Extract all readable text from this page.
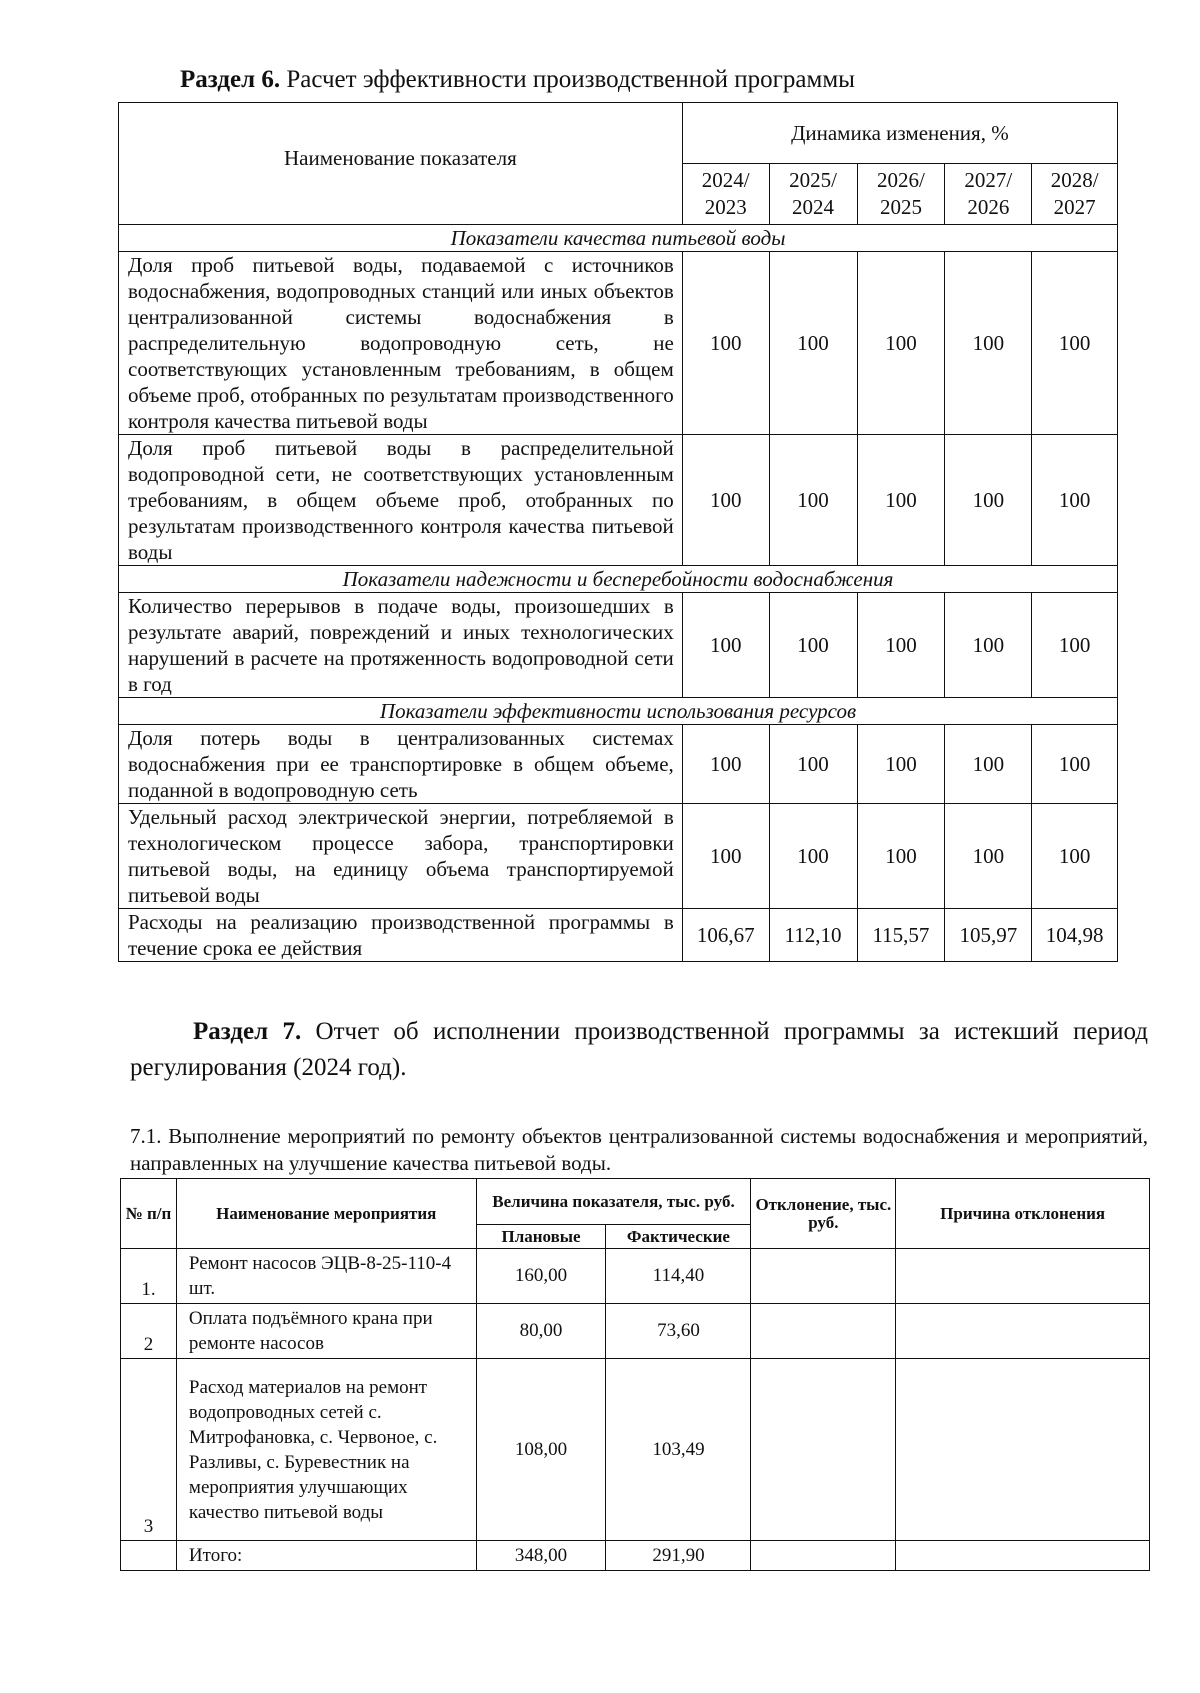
Раздел 6. Расчет эффективности производственной программы
Наименование показателя	Динамика изменения, %				
	2024/ 2023	2025/ 2024	2026/ 2025	2027/ 2026	2028/ 2027
Показатели качества питьевой воды					
Доля проб питьевой воды, подаваемой с источников водоснабжения, водопроводных станций или иных объектов централизованной системы водоснабжения в распределительную водопроводную сеть, не соответствующих установленным требованиям, в общем объеме проб, отобранных по результатам производственного контроля качества питьевой воды	100	100	100	100	100
Доля проб питьевой воды в распределительной водопроводной сети, не соответствующих установленным требованиям, в общем объеме проб, отобранных по результатам производственного контроля качества питьевой воды	100	100	100	100	100
Показатели надежности и бесперебойности водоснабжения					
Количество перерывов в подаче воды, произошедших в результате аварий, повреждений и иных технологических нарушений в расчете на протяженность водопроводной сети в год	100	100	100	100	100
Показатели эффективности использования ресурсов					
Доля потерь воды в централизованных системах водоснабжения при ее транспортировке в общем объеме, поданной в водопроводную сеть	100	100	100	100	100
Удельный расход электрической энергии, потребляемой в технологическом процессе забора, транспортировки питьевой воды, на единицу объема транспортируемой питьевой воды	100	100	100	100	100
Расходы на реализацию производственной программы в течение срока ее действия	106,67	112,10	115,57	105,97	104,98
Раздел 7. Отчет об исполнении производственной программы за истекший период регулирования (2024 год).
7.1. Выполнение мероприятий по ремонту объектов централизованной системы водоснабжения и мероприятий, направленных на улучшение качества питьевой воды.
№ п/п	Наименование мероприятия	Величина показателя, тыс. руб.		Отклонение, тыс. руб.	Причина отклонения
		Плановые	Фактические		
1.	Ремонт насосов ЭЦВ-8-25-110-4 шт.	160,00	114,40		
2	Оплата подъёмного крана при ремонте насосов	80,00	73,60		
3	Расход материалов на ремонт водопроводных сетей с. Митрофановка, с. Червоное, с. Разливы, с. Буревестник на мероприятия улучшающих качество питьевой воды	108,00	103,49		
	Итого:	348,00	291,90		
